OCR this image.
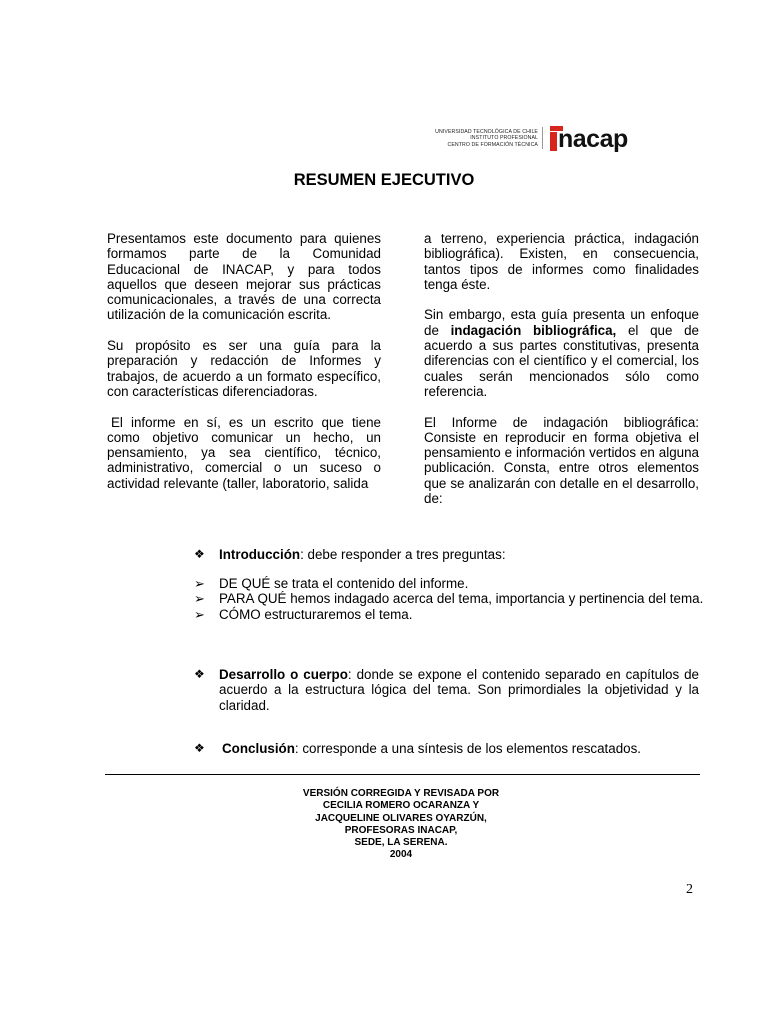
UNIVERSIDAD TECNOLÓGICA DE CHILE
INSTITUTO PROFESIONAL
CENTRO DE FORMACIÓN TÉCNICA nacap
RESUMEN EJECUTIVO

Presentamos este documento para quienes formamos parte de la Comunidad Educacional de INACAP, y para todos aquellos que deseen mejorar sus prácticas comunicacionales, a través de una correcta utilización de la comunicación escrita.

Su propósito es ser una guía para la preparación y redacción de Informes y trabajos, de acuerdo a un formato específico, con características diferenciadoras.

El informe en sí, es un escrito que tiene como objetivo comunicar un hecho, un pensamiento, ya sea científico, técnico, administrativo, comercial o un suceso o actividad relevante (taller, laboratorio, salida

a terreno, experiencia práctica, indagación bibliográfica). Existen, en consecuencia, tantos tipos de informes como finalidades tenga éste.

Sin embargo, esta guía presenta un enfoque de indagación bibliográfica, el que de acuerdo a sus partes constitutivas, presenta diferencias con el científico y el comercial, los cuales serán mencionados sólo como referencia.

El Informe de indagación bibliográfica: Consiste en reproducir en forma objetiva el pensamiento e información vertidos en alguna publicación. Consta, entre otros elementos que se analizarán con detalle en el desarrollo, de:

❖ Introducción: debe responder a tres preguntas:
➢ DE QUÉ se trata el contenido del informe.
➢ PARA QUÉ hemos indagado acerca del tema, importancia y pertinencia del tema.
➢ CÓMO estructuraremos el tema.
❖ Desarrollo o cuerpo: donde se expone el contenido separado en capítulos de acuerdo a la estructura lógica del tema. Son primordiales la objetividad y la claridad.
❖ Conclusión: corresponde a una síntesis de los elementos rescatados.
VERSIÓN CORREGIDA Y REVISADA POR
CECILIA ROMERO OCARANZA Y
JACQUELINE OLIVARES OYARZÚN,
PROFESORAS INACAP,
SEDE, LA SERENA.
2004
2
